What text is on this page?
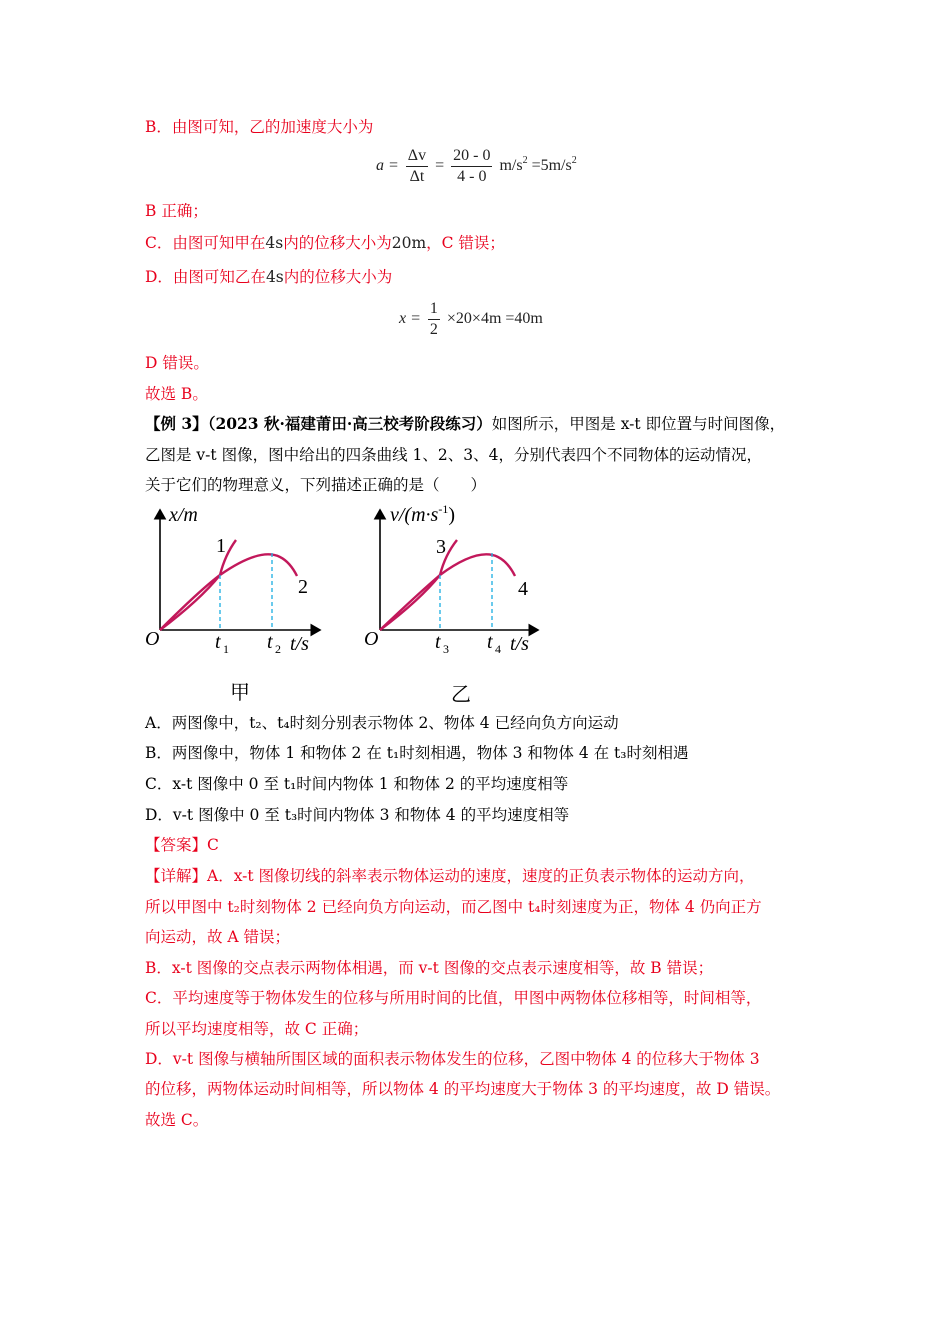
B．由图可知，乙的加速度大小为
$a = \frac{\Delta v}{\Delta t} = \frac{20 - 0}{4 - 0} m/s^2 =5m/s^2$
B 正确；
C．由图可知甲在4s内的位移大小为20m，C 错误；
D．由图可知乙在4s内的位移大小为
$x = \frac{1}{2} \times 20\times 4m =40m$
D 错误。
故选 B。
【例 3】（2023 秋·福建莆田·高三校考阶段练习）如图所示，甲图是 x-t 即位置与时间图像，
乙图是 v-t 图像，图中给出的四条曲线 1、2、3、4，分别代表四个不同物体的运动情况，
关于它们的物理意义，下列描述正确的是（　　）
x/m
O
1
2
t 1 t 2 t/s
$v/(m\cdot s^{-1})$
O
3
4
t 3 t 4 t/s
甲	乙
A．两图像中，t₂、t₄时刻分别表示物体 2、物体 4 已经向负方向运动
B．两图像中，物体 1 和物体 2 在 t₁时刻相遇，物体 3 和物体 4 在 t₃时刻相遇
C．x-t 图像中 0 至 t₁时间内物体 1 和物体 2 的平均速度相等
D．v-t 图像中 0 至 t₃时间内物体 3 和物体 4 的平均速度相等
【答案】C
【详解】A．x-t 图像切线的斜率表示物体运动的速度，速度的正负表示物体的运动方向，
所以甲图中 t₂时刻物体 2 已经向负方向运动，而乙图中 t₄时刻速度为正，物体 4 仍向正方
向运动，故 A 错误；
B．x-t 图像的交点表示两物体相遇，而 v-t 图像的交点表示速度相等，故 B 错误；
C．平均速度等于物体发生的位移与所用时间的比值，甲图中两物体位移相等，时间相等，
所以平均速度相等，故 C 正确；
D．v-t 图像与横轴所围区域的面积表示物体发生的位移，乙图中物体 4 的位移大于物体 3
的位移，两物体运动时间相等，所以物体 4 的平均速度大于物体 3 的平均速度，故 D 错误。
故选 C。
